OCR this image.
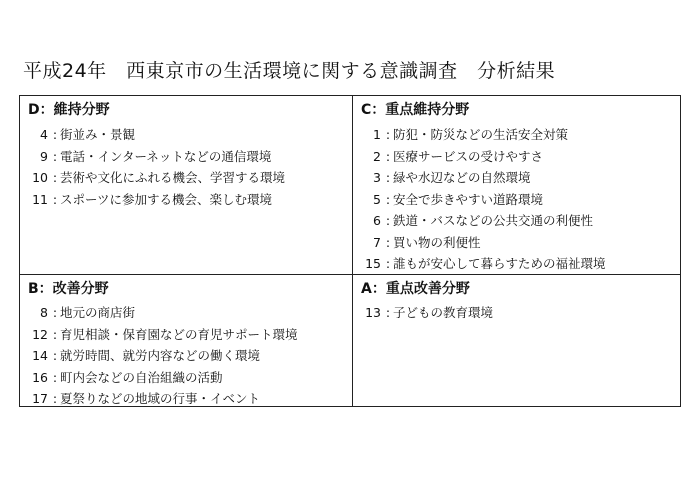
平成24年　西東京市の生活環境に関する意識調査　分析結果
D：維持分野
4 : 街並み・景観
9 : 電話・インターネットなどの通信環境
10 : 芸術や文化にふれる機会、学習する環境
11 : スポーツに参加する機会、楽しむ環境
C：重点維持分野
1 : 防犯・防災などの生活安全対策
2 : 医療サービスの受けやすさ
3 : 緑や水辺などの自然環境
5 : 安全で歩きやすい道路環境
6 : 鉄道・バスなどの公共交通の利便性
7 : 買い物の利便性
15 : 誰もが安心して暮らすための福祉環境
B：改善分野
8 : 地元の商店街
12 : 育児相談・保育園などの育児サポート環境
14 : 就労時間、就労内容などの働く環境
16 : 町内会などの自治組織の活動
17 : 夏祭りなどの地域の行事・イベント
A：重点改善分野
13 : 子どもの教育環境
